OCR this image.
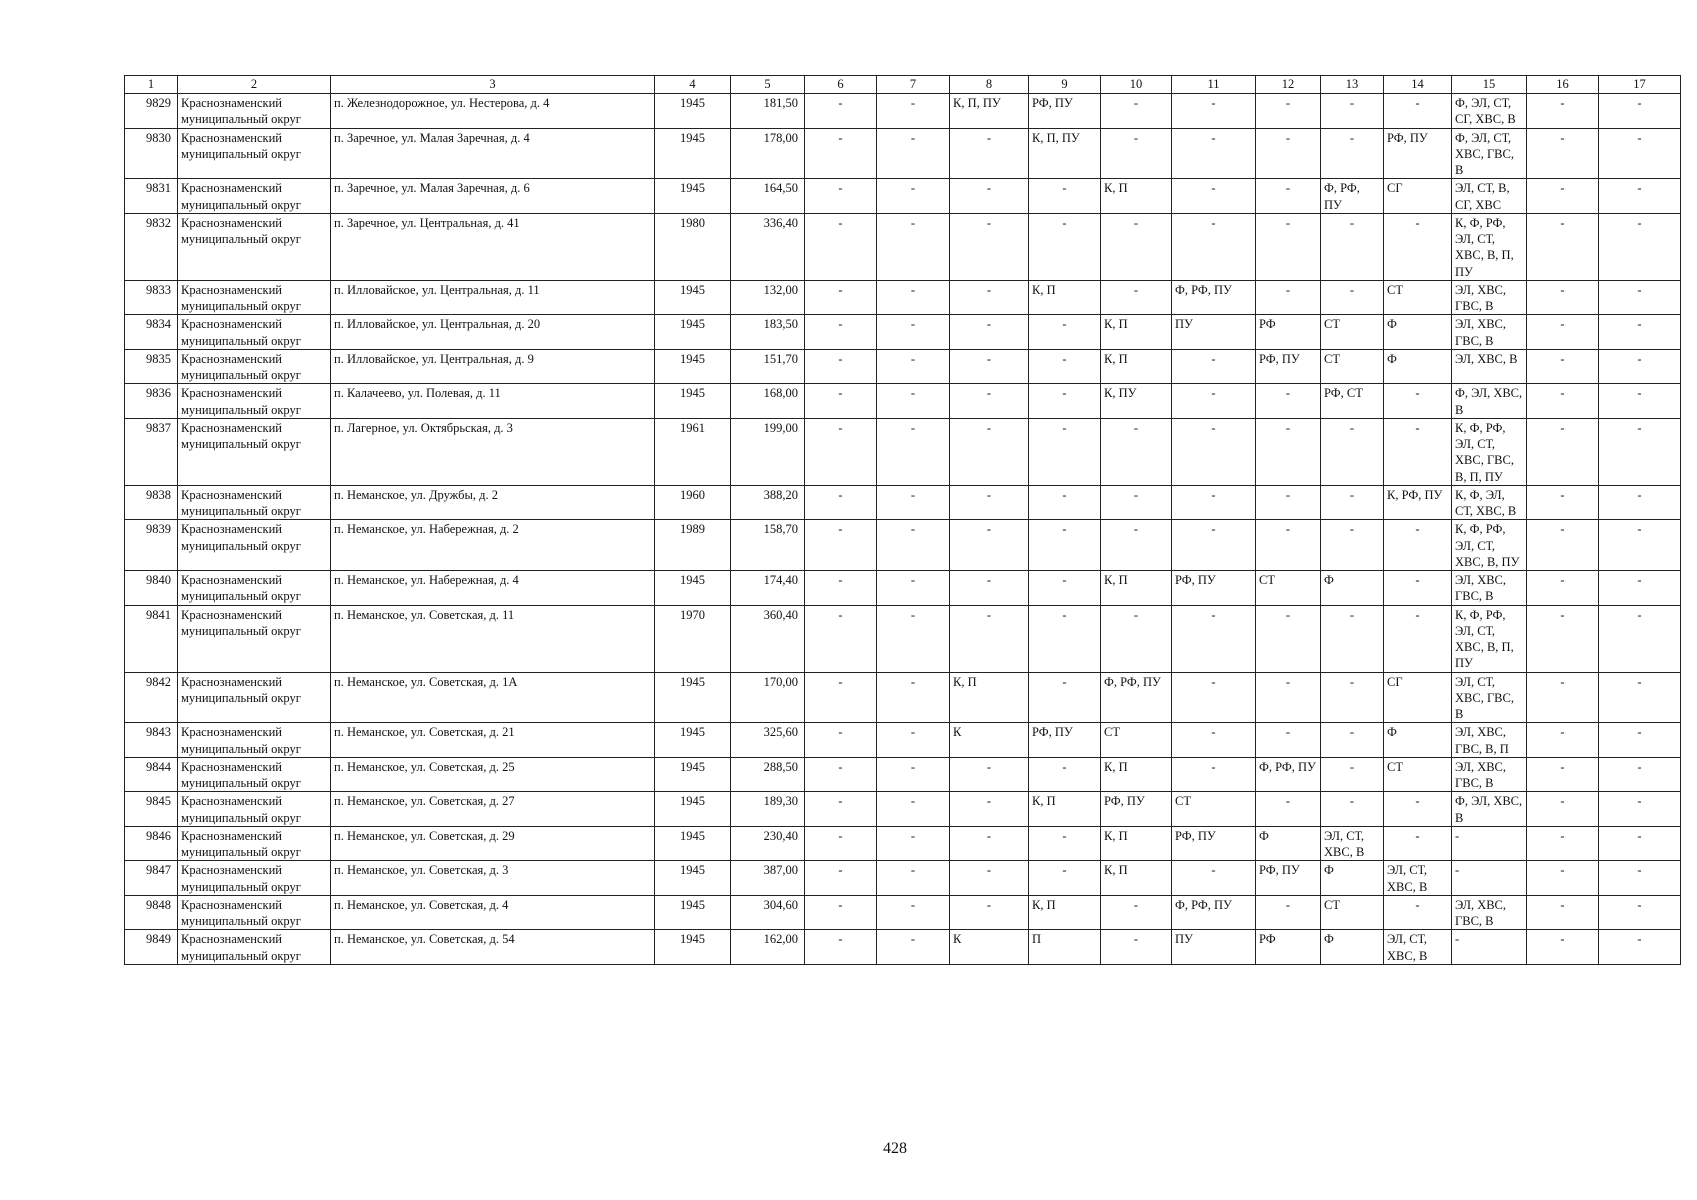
1	2	3	4	5	6	7	8	9	10	11	12	13	14	15	16	17
9829	Краснознаменский муниципальный округ	п. Железнодорожное, ул. Нестерова, д. 4	1945	181,50	-	-	К, П, ПУ	РФ, ПУ	-	-	-	-	-	Ф, ЭЛ, СТ, СГ, ХВС, В	-	-
9830	Краснознаменский муниципальный округ	п. Заречное, ул. Малая Заречная, д. 4	1945	178,00	-	-	-	К, П, ПУ	-	-	-	-	РФ, ПУ	Ф, ЭЛ, СТ, ХВС, ГВС, В	-	-
9831	Краснознаменский муниципальный округ	п. Заречное, ул. Малая Заречная, д. 6	1945	164,50	-	-	-	-	К, П	-	-	Ф, РФ, ПУ	СГ	ЭЛ, СТ, В, СГ, ХВС	-	-
9832	Краснознаменский муниципальный округ	п. Заречное, ул. Центральная, д. 41	1980	336,40	-	-	-	-	-	-	-	-	-	К, Ф, РФ, ЭЛ, СТ, ХВС, В, П, ПУ	-	-
9833	Краснознаменский муниципальный округ	п. Илловайское, ул. Центральная, д. 11	1945	132,00	-	-	-	К, П	-	Ф, РФ, ПУ	-	-	СТ	ЭЛ, ХВС, ГВС, В	-	-
9834	Краснознаменский муниципальный округ	п. Илловайское, ул. Центральная, д. 20	1945	183,50	-	-	-	-	К, П	ПУ	РФ	СТ	Ф	ЭЛ, ХВС, ГВС, В	-	-
9835	Краснознаменский муниципальный округ	п. Илловайское, ул. Центральная, д. 9	1945	151,70	-	-	-	-	К, П	-	РФ, ПУ	СТ	Ф	ЭЛ, ХВС, В	-	-
9836	Краснознаменский муниципальный округ	п. Калачеево, ул. Полевая, д. 11	1945	168,00	-	-	-	-	К, ПУ	-	-	РФ, СТ	-	Ф, ЭЛ, ХВС, В	-	-
9837	Краснознаменский муниципальный округ	п. Лагерное, ул. Октябрьская, д. 3	1961	199,00	-	-	-	-	-	-	-	-	-	К, Ф, РФ, ЭЛ, СТ, ХВС, ГВС, В, П, ПУ	-	-
9838	Краснознаменский муниципальный округ	п. Неманское, ул. Дружбы, д. 2	1960	388,20	-	-	-	-	-	-	-	-	К, РФ, ПУ	К, Ф, ЭЛ, СТ, ХВС, В	-	-
9839	Краснознаменский муниципальный округ	п. Неманское, ул. Набережная, д. 2	1989	158,70	-	-	-	-	-	-	-	-	-	К, Ф, РФ, ЭЛ, СТ, ХВС, В, ПУ	-	-
9840	Краснознаменский муниципальный округ	п. Неманское, ул. Набережная, д. 4	1945	174,40	-	-	-	-	К, П	РФ, ПУ	СТ	Ф	-	ЭЛ, ХВС, ГВС, В	-	-
9841	Краснознаменский муниципальный округ	п. Неманское, ул. Советская, д. 11	1970	360,40	-	-	-	-	-	-	-	-	-	К, Ф, РФ, ЭЛ, СТ, ХВС, В, П, ПУ	-	-
9842	Краснознаменский муниципальный округ	п. Неманское, ул. Советская, д. 1А	1945	170,00	-	-	К, П	-	Ф, РФ, ПУ	-	-	-	СГ	ЭЛ, СТ, ХВС, ГВС, В	-	-
9843	Краснознаменский муниципальный округ	п. Неманское, ул. Советская, д. 21	1945	325,60	-	-	К	РФ, ПУ	СТ	-	-	-	Ф	ЭЛ, ХВС, ГВС, В, П	-	-
9844	Краснознаменский муниципальный округ	п. Неманское, ул. Советская, д. 25	1945	288,50	-	-	-	-	К, П	-	Ф, РФ, ПУ	-	СТ	ЭЛ, ХВС, ГВС, В	-	-
9845	Краснознаменский муниципальный округ	п. Неманское, ул. Советская, д. 27	1945	189,30	-	-	-	К, П	РФ, ПУ	СТ	-	-	-	Ф, ЭЛ, ХВС, В	-	-
9846	Краснознаменский муниципальный округ	п. Неманское, ул. Советская, д. 29	1945	230,40	-	-	-	-	К, П	РФ, ПУ	Ф	ЭЛ, СТ, ХВС, В	-	-	-	-
9847	Краснознаменский муниципальный округ	п. Неманское, ул. Советская, д. 3	1945	387,00	-	-	-	-	К, П	-	РФ, ПУ	Ф	ЭЛ, СТ, ХВС, В	-	-	-
9848	Краснознаменский муниципальный округ	п. Неманское, ул. Советская, д. 4	1945	304,60	-	-	-	К, П	-	Ф, РФ, ПУ	-	СТ	-	ЭЛ, ХВС, ГВС, В	-	-
9849	Краснознаменский муниципальный округ	п. Неманское, ул. Советская, д. 54	1945	162,00	-	-	К	П	-	ПУ	РФ	Ф	ЭЛ, СТ, ХВС, В	-	-	-
428
